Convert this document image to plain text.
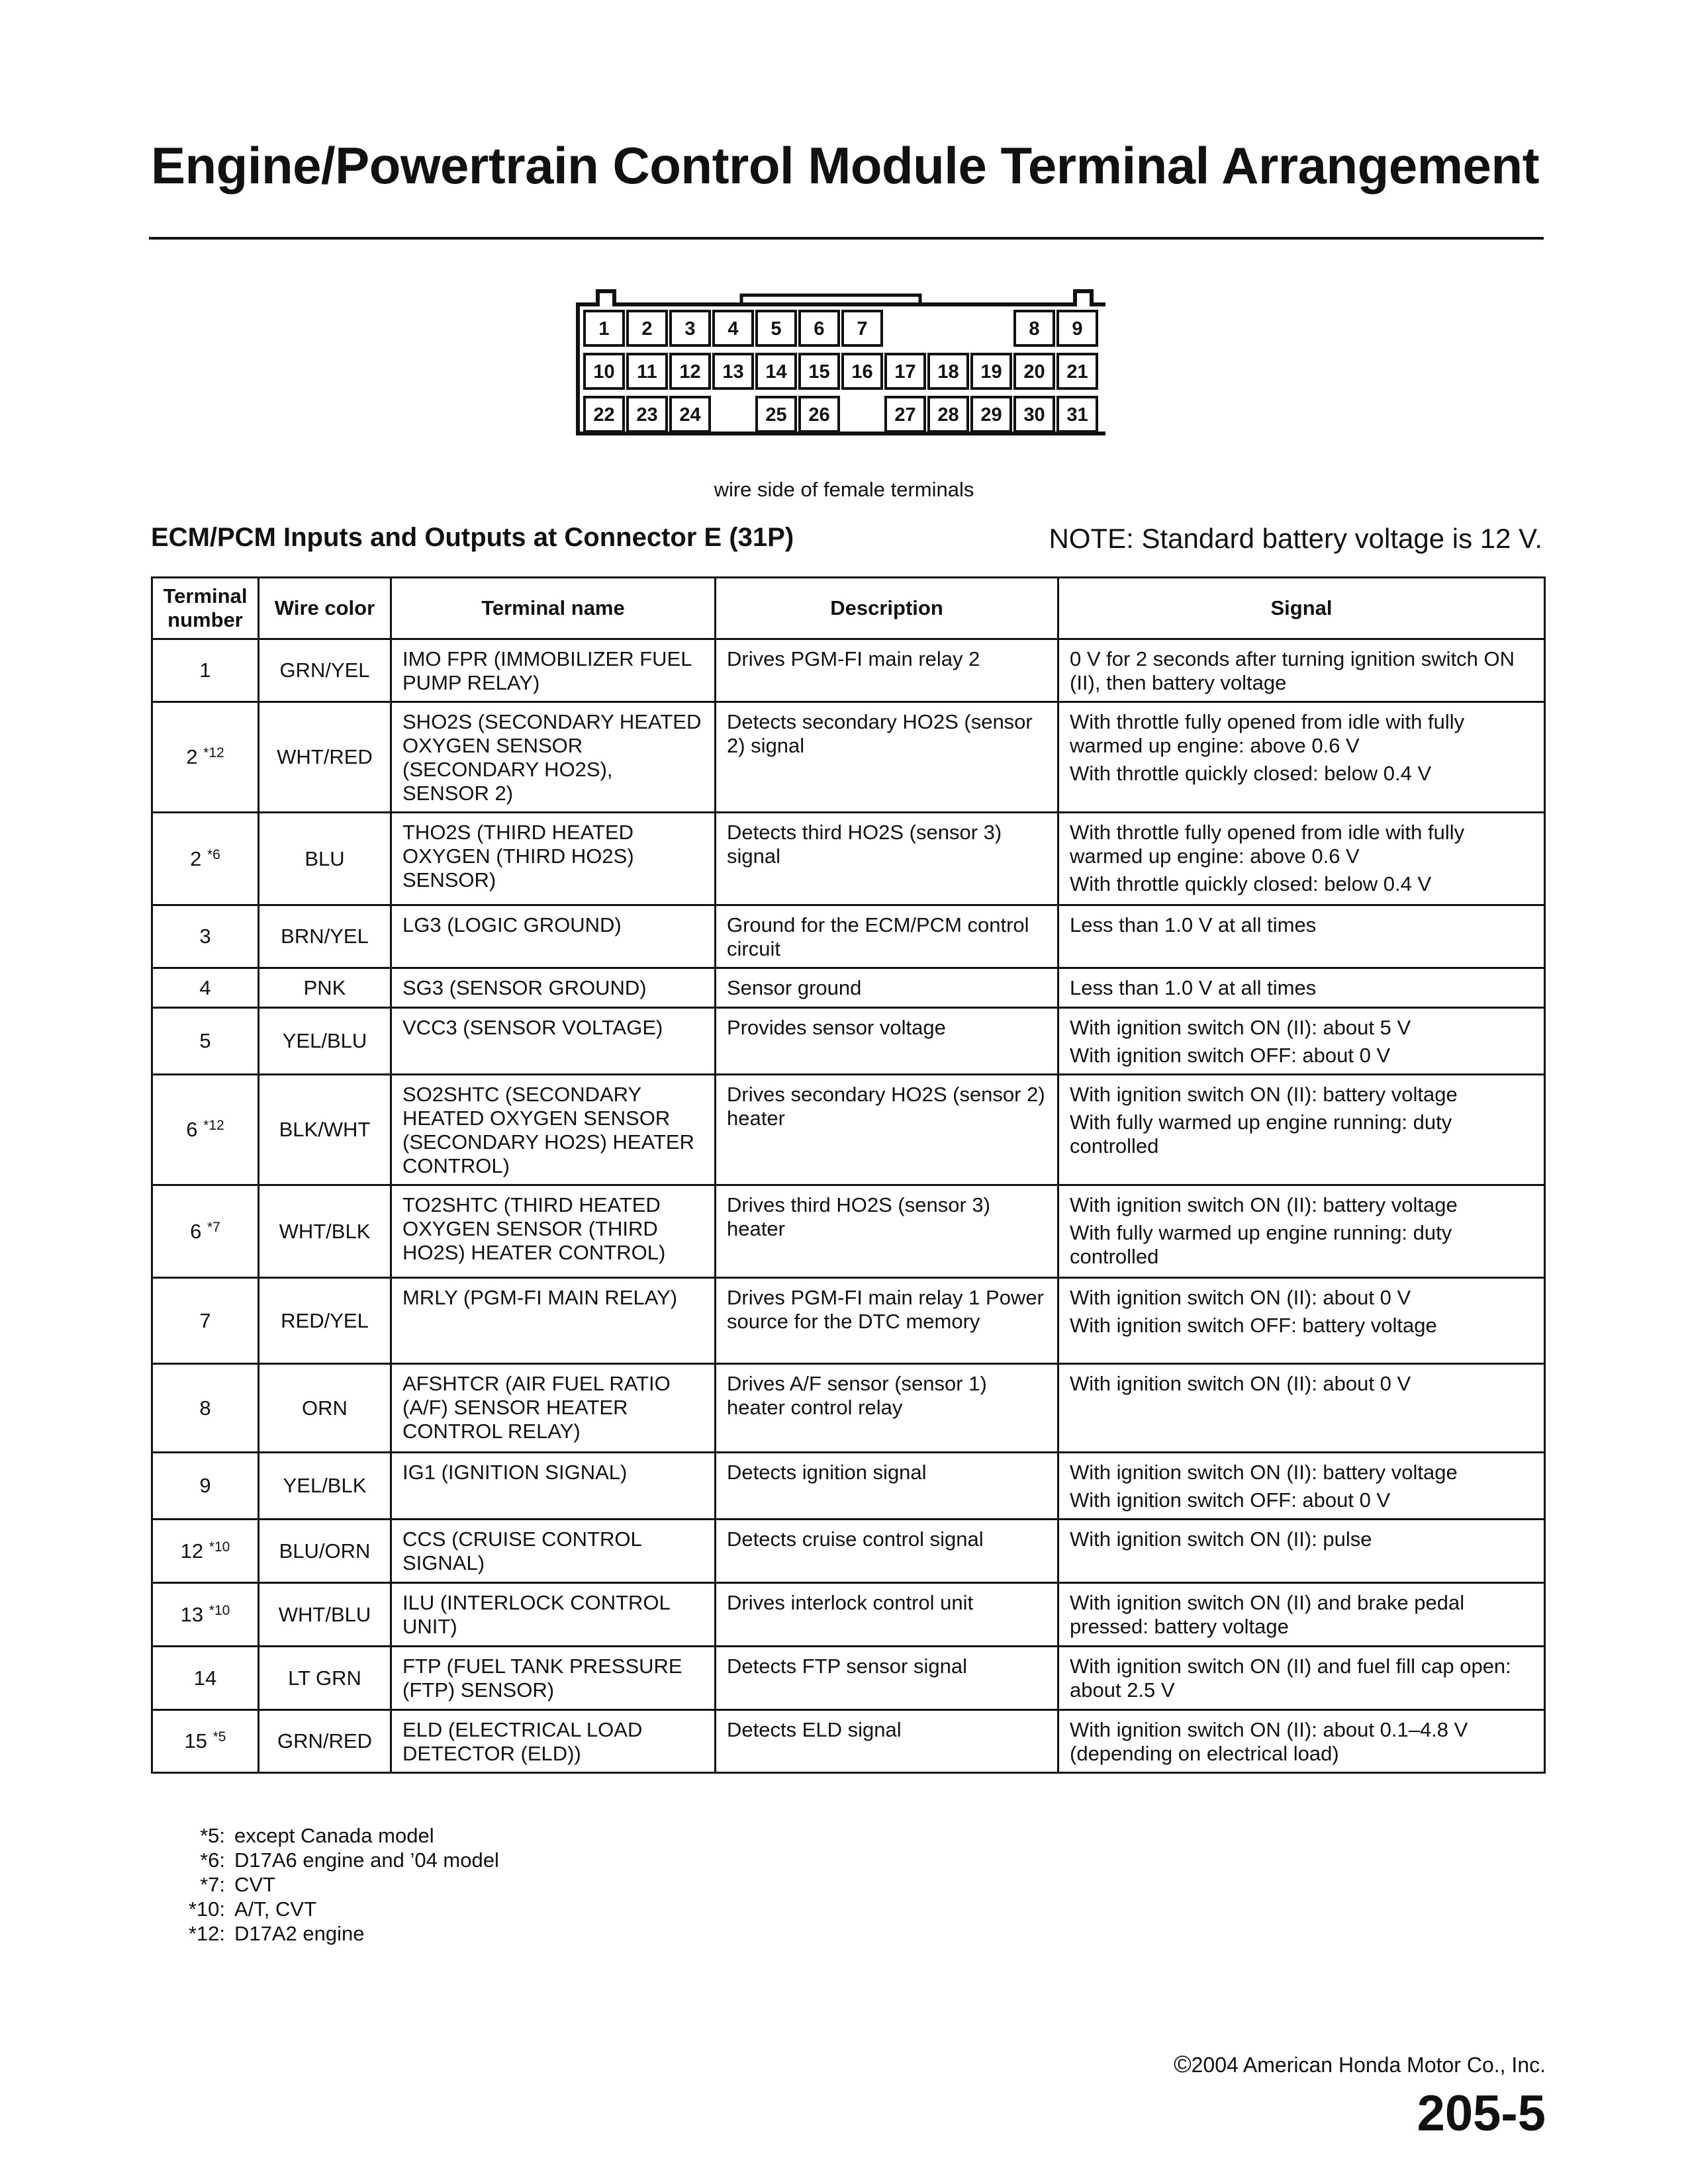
Engine/Powertrain Control Module Terminal Arrangement
1 2 3 4 5 6 7	8 9
10 11 12 13 14 15 16 17 18 19 20 21
22 23 24	25 26	27 28 29 30 31
wire side of female terminals
ECM/PCM Inputs and Outputs at Connector E (31P)	NOTE: Standard battery voltage is 12 V.
Terminal
number	Wire color	Terminal name	Description	Signal
1	GRN/YEL	IMO FPR (IMMOBILIZER FUEL PUMP RELAY)	Drives PGM-FI main relay 2	0 V for 2 seconds after turning ignition switch ON (II), then battery voltage

2 $^{*12}$	WHT/RED	SHO2S (SECONDARY HEATED OXYGEN SENSOR (SECONDARY HO2S), SENSOR 2)	Detects secondary HO2S (sensor 2) signal	With throttle fully opened from idle with fully warmed up engine: above 0.6 V
With throttle quickly closed: below 0.4 V

2 $^{*6}$	BLU	THO2S (THIRD HEATED OXYGEN (THIRD HO2S) SENSOR)	Detects third HO2S (sensor 3) signal	With throttle fully opened from idle with fully warmed up engine: above 0.6 V
With throttle quickly closed: below 0.4 V

3	BRN/YEL	LG3 (LOGIC GROUND)	Ground for the ECM/PCM control circuit	Less than 1.0 V at all times

4	PNK	SG3 (SENSOR GROUND)	Sensor ground	Less than 1.0 V at all times

5	YEL/BLU	VCC3 (SENSOR VOLTAGE)	Provides sensor voltage	With ignition switch ON (II): about 5 V
With ignition switch OFF: about 0 V

6 $^{*12}$	BLK/WHT	SO2SHTC (SECONDARY HEATED OXYGEN SENSOR (SECONDARY HO2S) HEATER CONTROL)	Drives secondary HO2S (sensor 2) heater	With ignition switch ON (II): battery voltage
With fully warmed up engine running: duty controlled

6 $^{*7}$	WHT/BLK	TO2SHTC (THIRD HEATED OXYGEN SENSOR (THIRD HO2S) HEATER CONTROL)	Drives third HO2S (sensor 3) heater	With ignition switch ON (II): battery voltage
With fully warmed up engine running: duty controlled

7	RED/YEL	MRLY (PGM-FI MAIN RELAY)	Drives PGM-FI main relay 1 Power source for the DTC memory	With ignition switch ON (II): about 0 V
With ignition switch OFF: battery voltage

8	ORN	AFSHTCR (AIR FUEL RATIO (A/F) SENSOR HEATER CONTROL RELAY)	Drives A/F sensor (sensor 1) heater control relay	With ignition switch ON (II): about 0 V

9	YEL/BLK	IG1 (IGNITION SIGNAL)	Detects ignition signal	With ignition switch ON (II): battery voltage
With ignition switch OFF: about 0 V

12 $^{*10}$	BLU/ORN	CCS (CRUISE CONTROL SIGNAL)	Detects cruise control signal	With ignition switch ON (II): pulse

13 $^{*10}$	WHT/BLU	ILU (INTERLOCK CONTROL UNIT)	Drives interlock control unit	With ignition switch ON (II) and brake pedal pressed: battery voltage

14	LT GRN	FTP (FUEL TANK PRESSURE (FTP) SENSOR)	Detects FTP sensor signal	With ignition switch ON (II) and fuel fill cap open: about 2.5 V

15 $^{*5}$	GRN/RED	ELD (ELECTRICAL LOAD DETECTOR (ELD))	Detects ELD signal	With ignition switch ON (II): about 0.1–4.8 V (depending on electrical load)
*5: except Canada model
*6: D17A6 engine and ’04 model
*7: CVT
*10: A/T, CVT
*12: D17A2 engine
©2004 American Honda Motor Co., Inc.
205-5
